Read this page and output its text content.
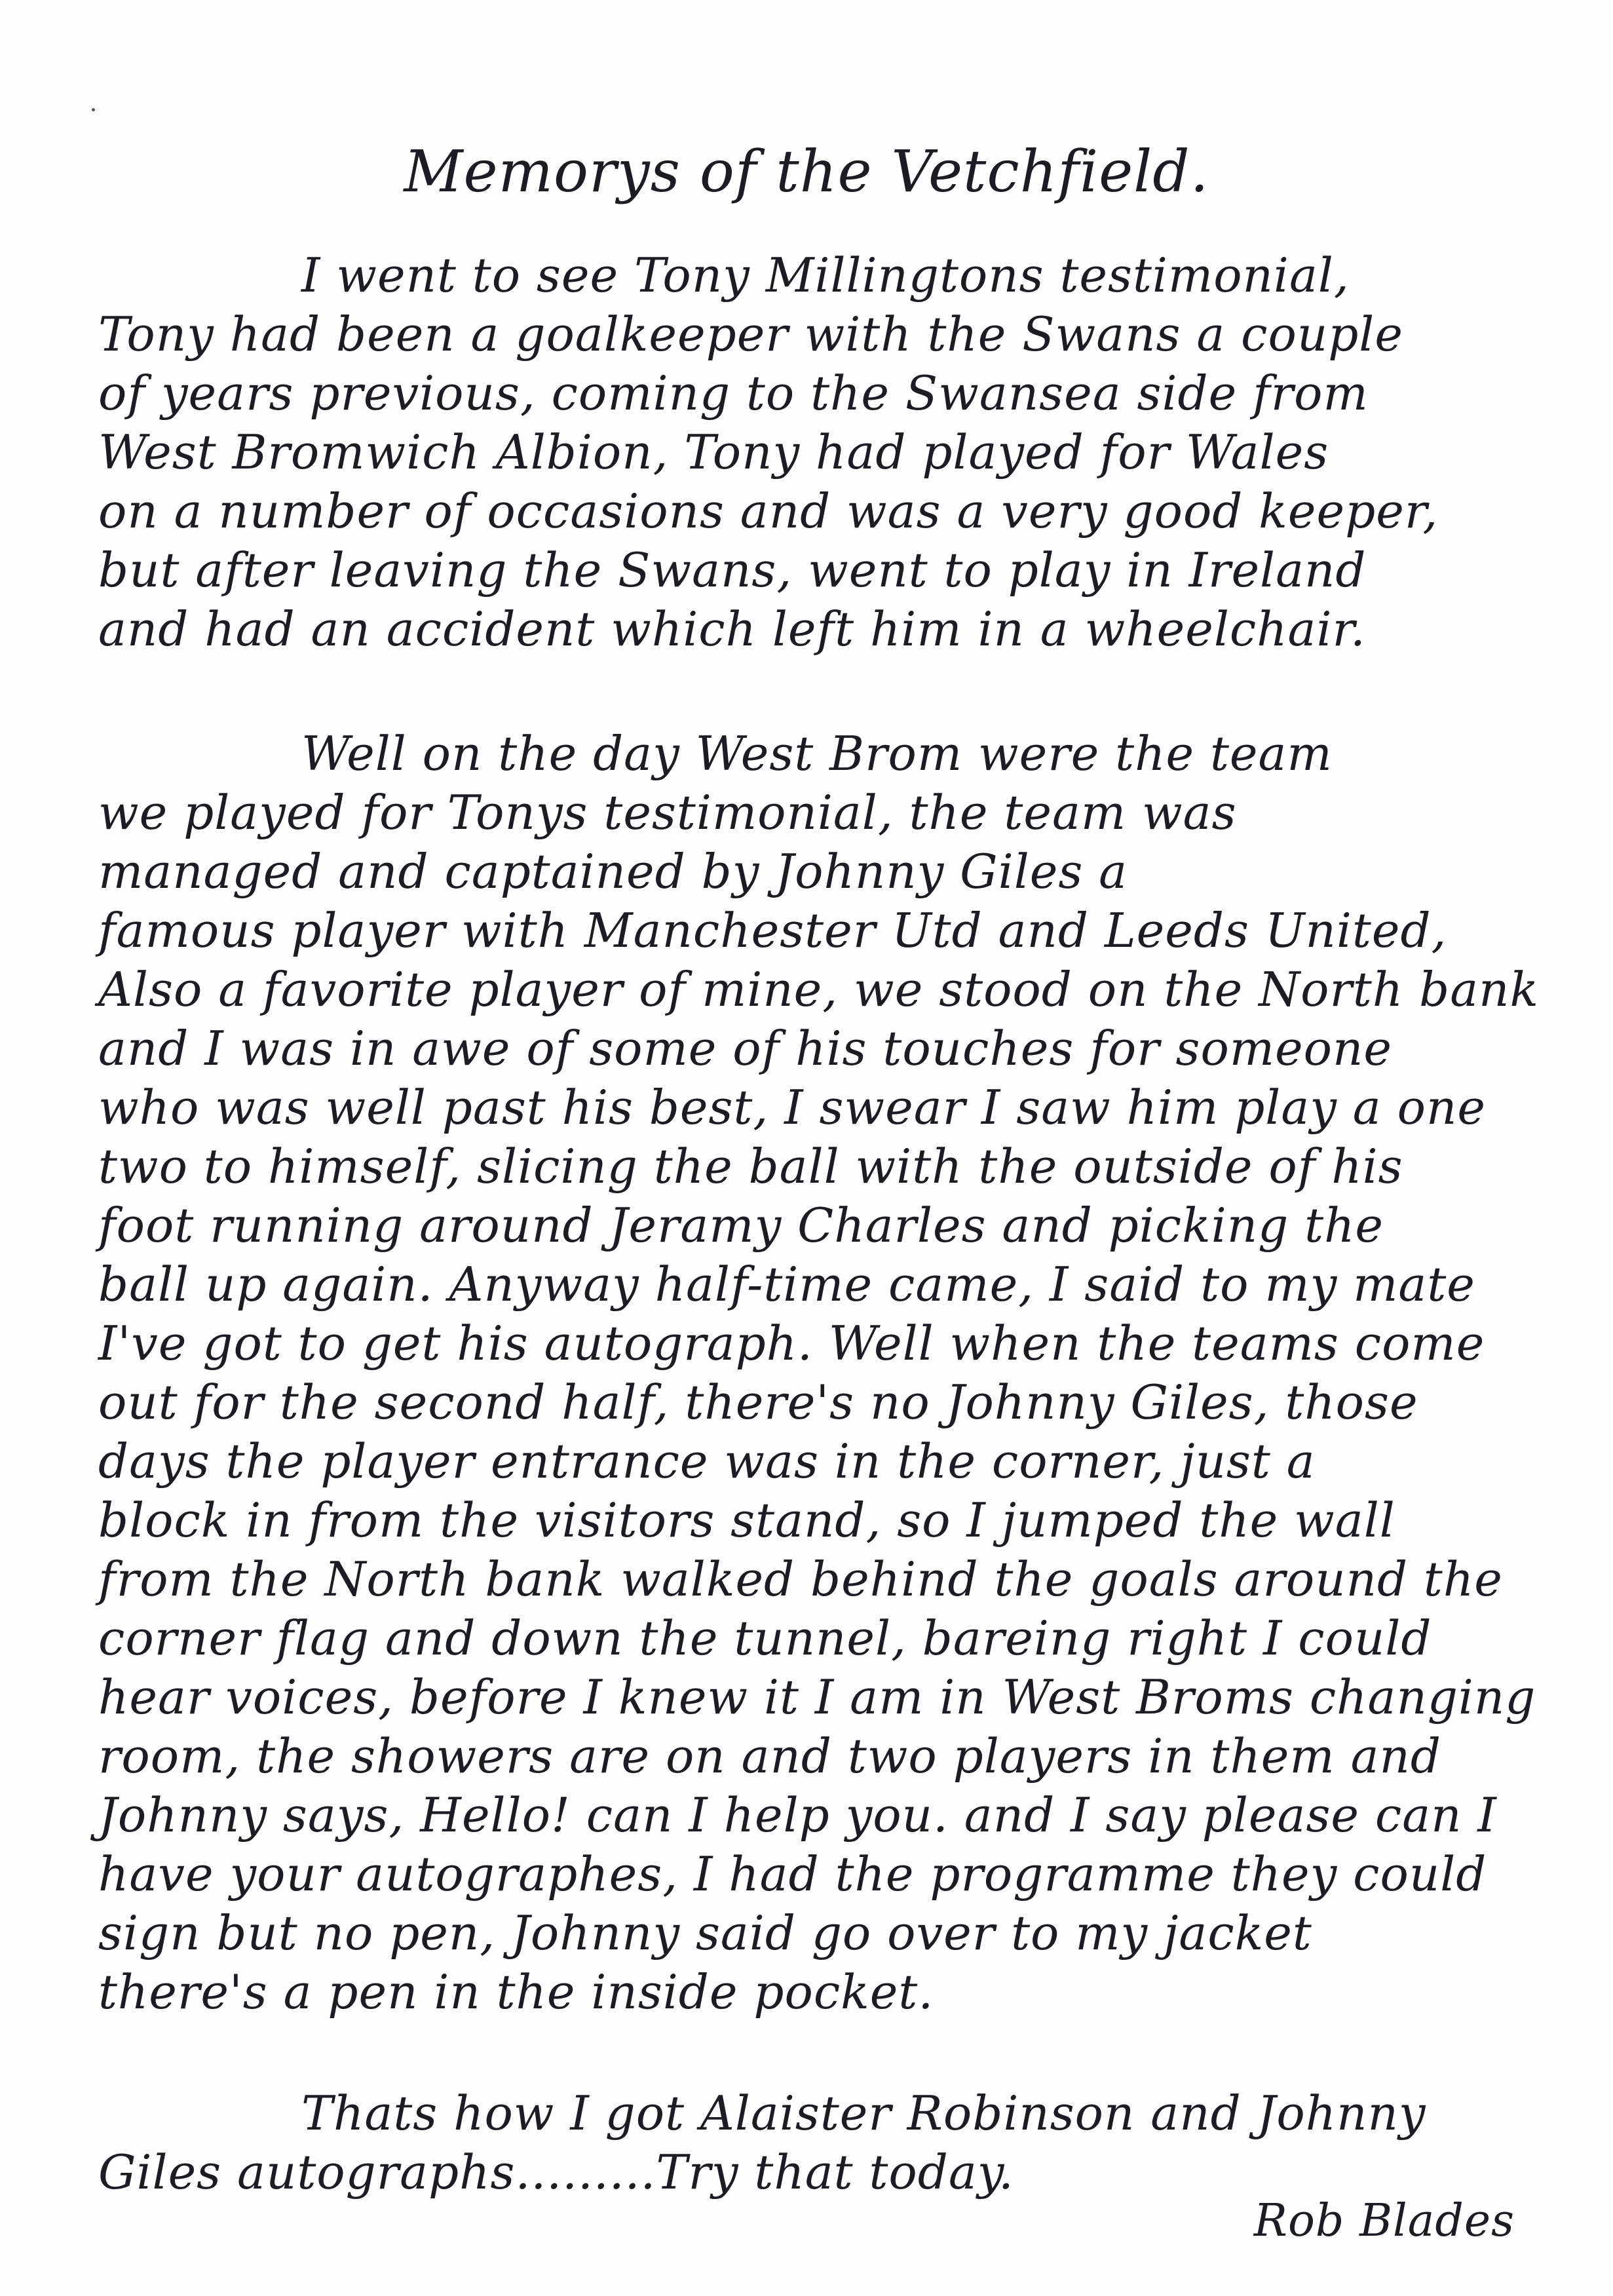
Memorys of the Vetchfield.
I went to see Tony Millingtons testimonial,
Tony had been a goalkeeper with the Swans a couple
of years previous, coming to the Swansea side from
West Bromwich Albion, Tony had played for Wales
on a number of occasions and was a very good keeper,
but after leaving the Swans, went to play in Ireland
and had an accident which left him in a wheelchair.
Well on the day West Brom were the team
we played for Tonys testimonial, the team was
managed and captained by Johnny Giles a
famous player with Manchester Utd and Leeds United,
Also a favorite player of mine, we stood on the North bank
and I was in awe of some of his touches for someone
who was well past his best, I swear I saw him play a one
two to himself, slicing the ball with the outside of his
foot running around Jeramy Charles and picking the
ball up again. Anyway half-time came, I said to my mate
I've got to get his autograph. Well when the teams come
out for the second half, there's no Johnny Giles, those
days the player entrance was in the corner, just a
block in from the visitors stand, so I jumped the wall
from the North bank walked behind the goals around the
corner flag and down the tunnel, bareing right I could
hear voices, before I knew it I am in West Broms changing
room, the showers are on and two players in them and
Johnny says, Hello! can I help you. and I say please can I
have your autographes, I had the programme they could
sign but no pen, Johnny said go over to my jacket
there's a pen in the inside pocket.
Thats how I got Alaister Robinson and Johnny
Giles autographs.........Try that today.
Rob Blades
